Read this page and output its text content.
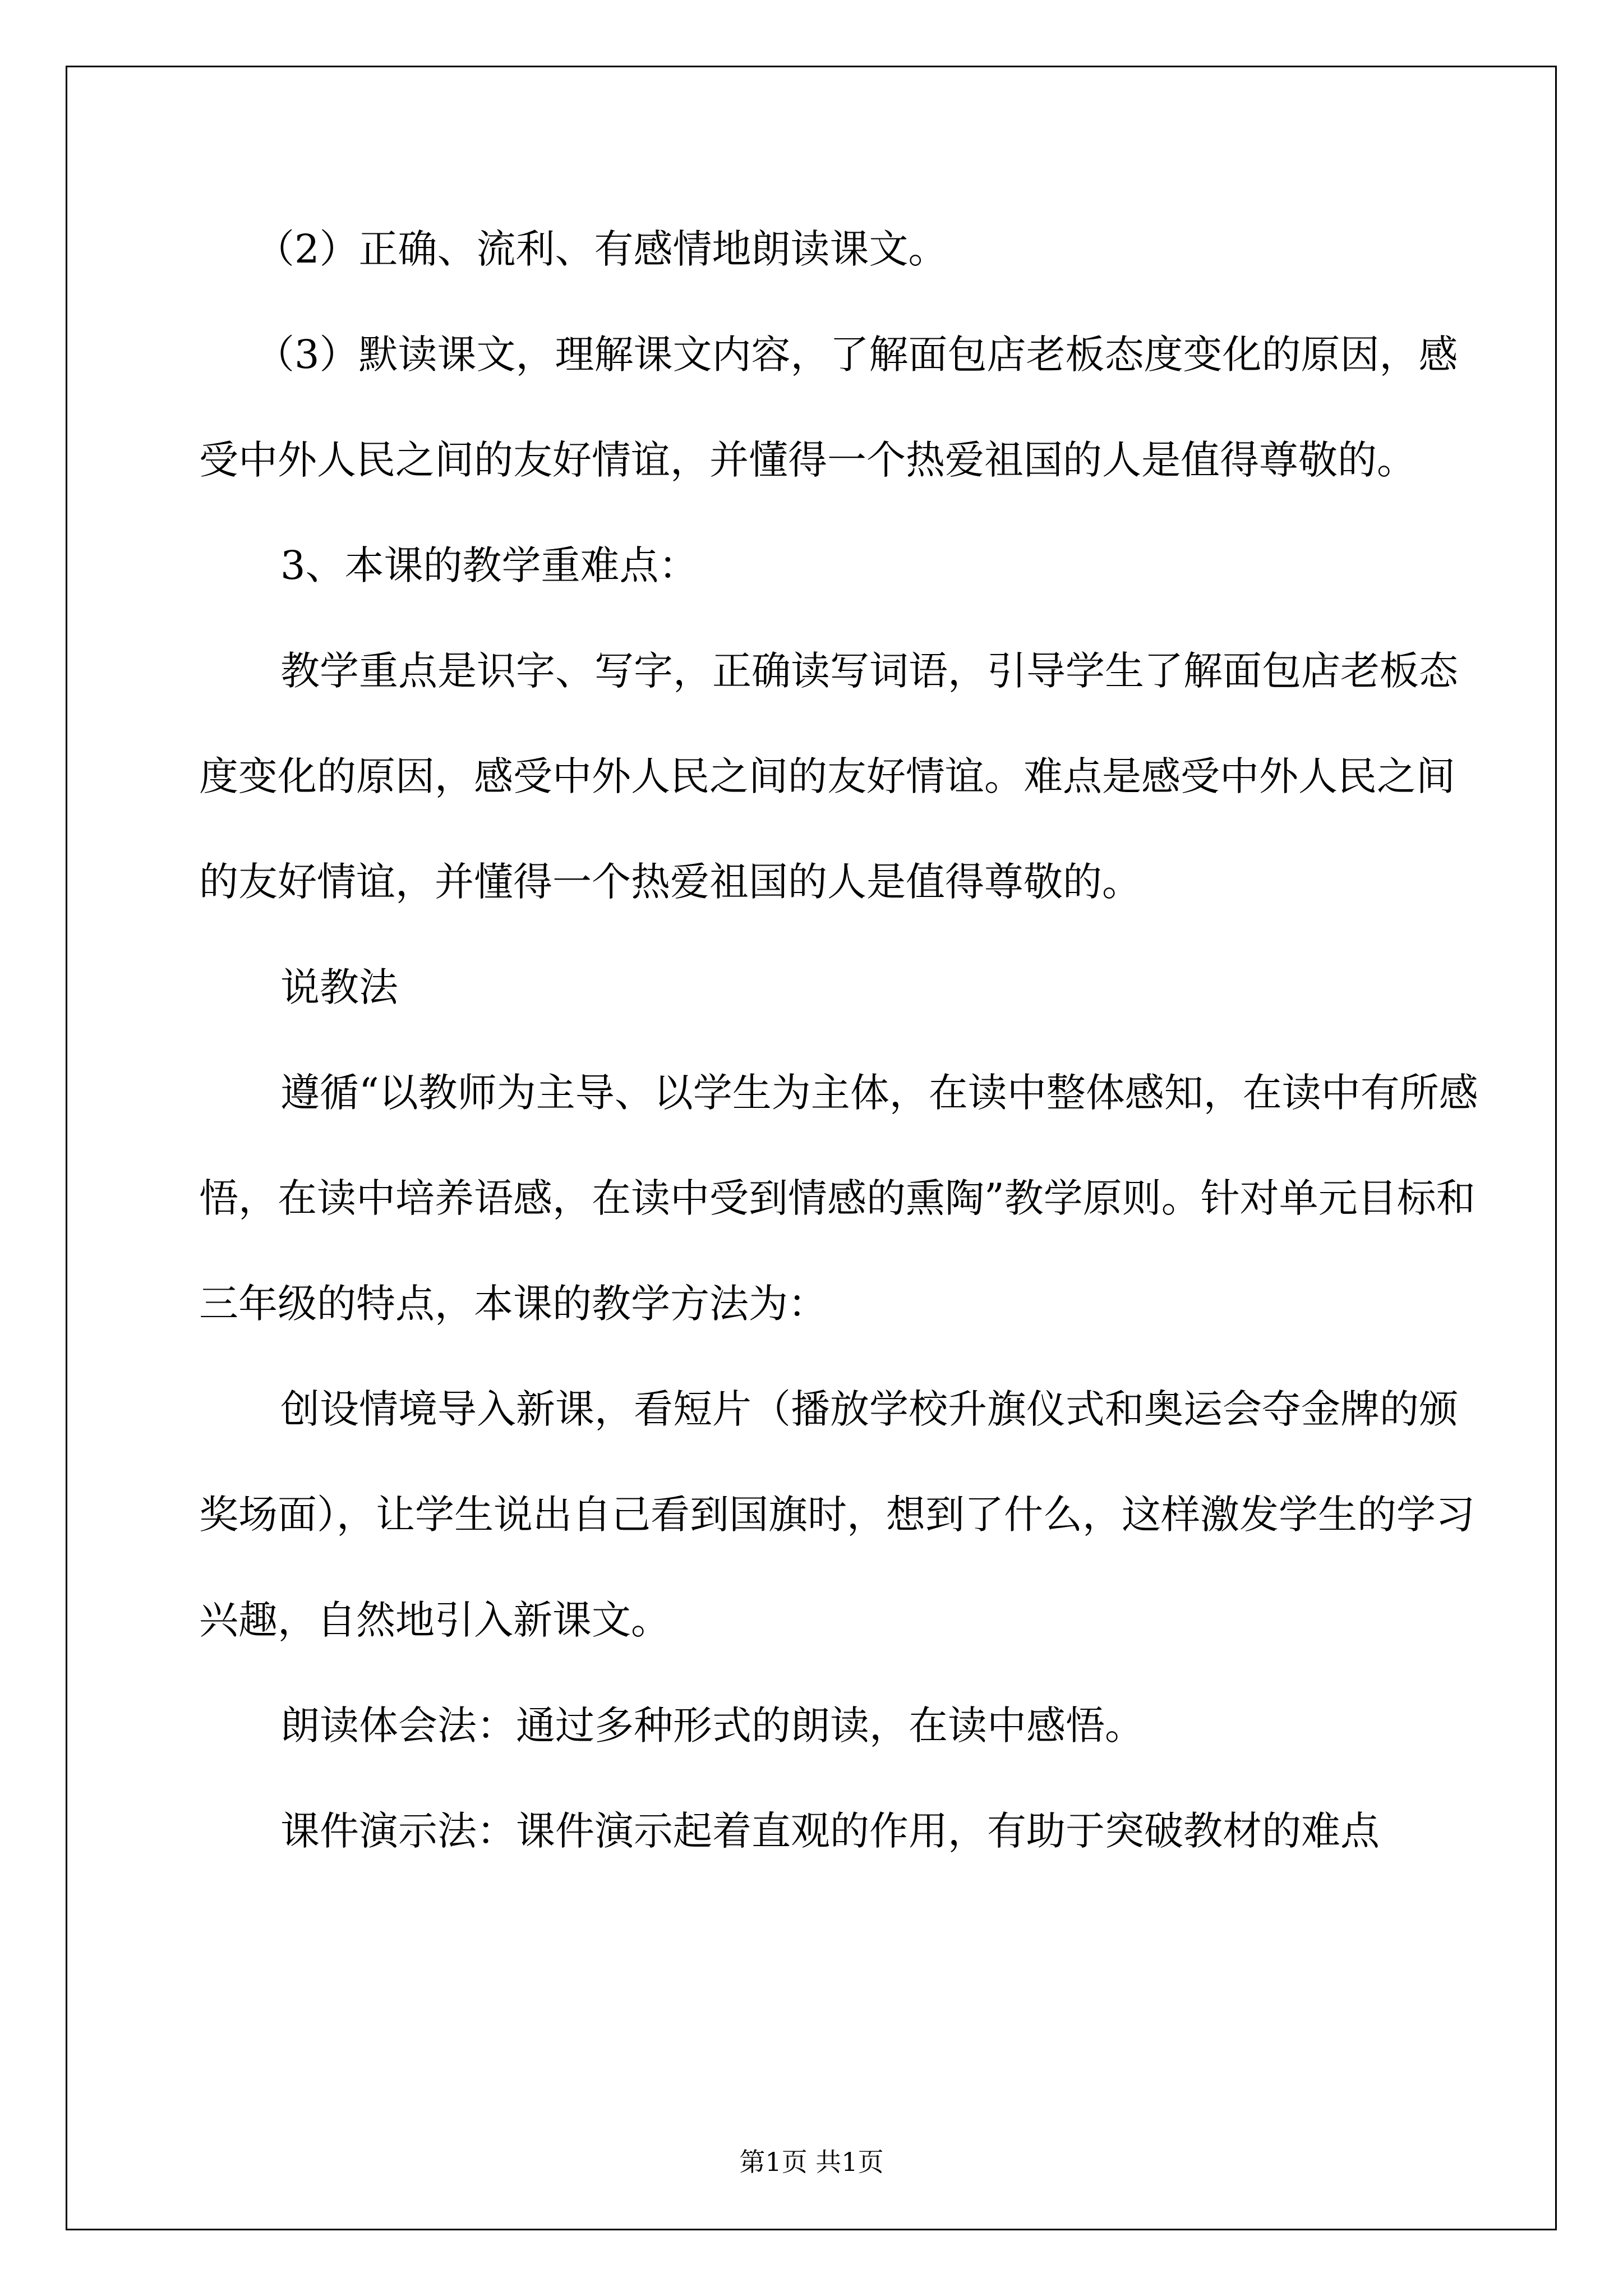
（2）正确、流利、有感情地朗读课文。

（3）默读课文，理解课文内容，了解面包店老板态度变化的原因，感受中外人民之间的友好情谊，并懂得一个热爱祖国的人是值得尊敬的。

3、本课的教学重难点：

教学重点是识字、写字，正确读写词语，引导学生了解面包店老板态度变化的原因，感受中外人民之间的友好情谊。难点是感受中外人民之间的友好情谊，并懂得一个热爱祖国的人是值得尊敬的。

说教法

遵循“以教师为主导、以学生为主体，在读中整体感知，在读中有所感悟，在读中培养语感，在读中受到情感的熏陶”教学原则。针对单元目标和三年级的特点，本课的教学方法为：

创设情境导入新课，看短片（播放学校升旗仪式和奥运会夺金牌的颁奖场面），让学生说出自己看到国旗时，想到了什么，这样激发学生的学习兴趣，自然地引入新课文。

朗读体会法：通过多种形式的朗读，在读中感悟。

课件演示法：课件演示起着直观的作用，有助于突破教材的难点

第1页 共1页
